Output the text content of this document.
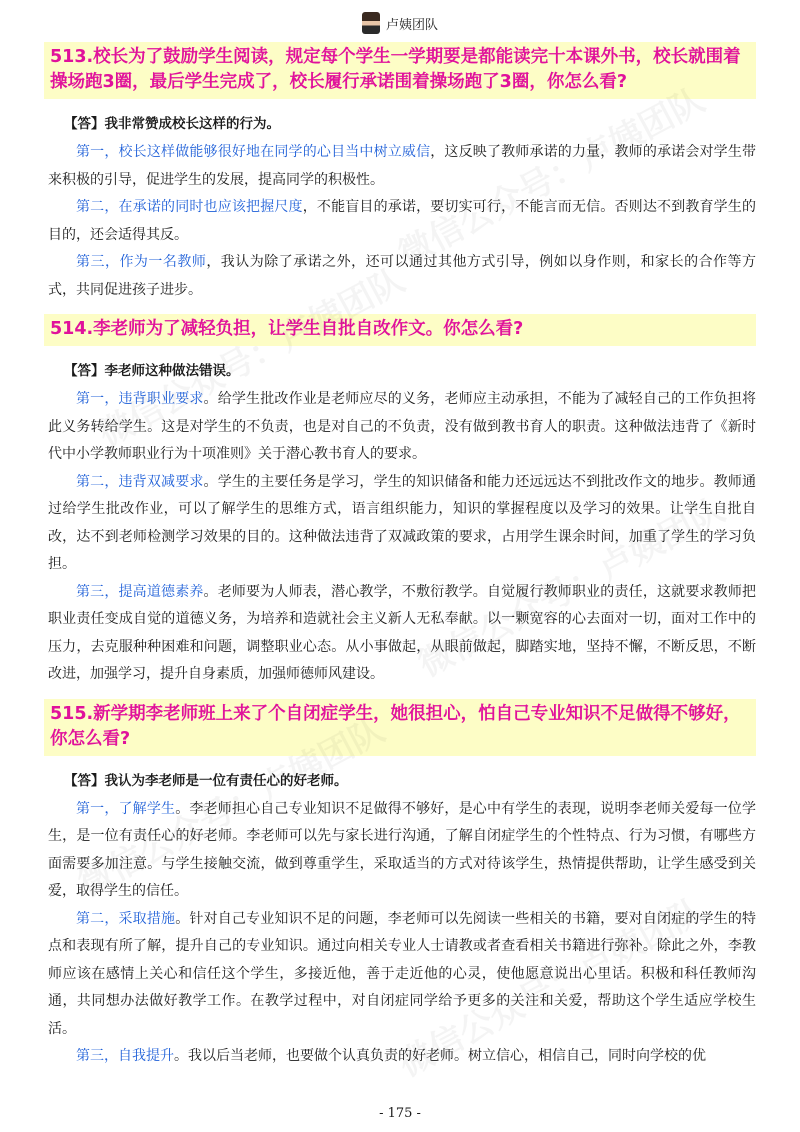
卢姨团队
513.校长为了鼓励学生阅读，规定每个学生一学期要是都能读完十本课外书，校长就围着操场跑3圈，最后学生完成了，校长履行承诺围着操场跑了3圈，你怎么看?
【答】我非常赞成校长这样的行为。

第一，校长这样做能够很好地在同学的心目当中树立威信，这反映了教师承诺的力量，教师的承诺会对学生带来积极的引导，促进学生的发展，提高同学的积极性。

第二，在承诺的同时也应该把握尺度，不能盲目的承诺，要切实可行，不能言而无信。否则达不到教育学生的目的，还会适得其反。

第三，作为一名教师，我认为除了承诺之外，还可以通过其他方式引导，例如以身作则，和家长的合作等方式，共同促进孩子进步。

514.李老师为了减轻负担，让学生自批自改作文。你怎么看?
【答】李老师这种做法错误。

第一，违背职业要求。给学生批改作业是老师应尽的义务，老师应主动承担，不能为了减轻自己的工作负担将此义务转给学生。这是对学生的不负责，也是对自己的不负责，没有做到教书育人的职责。这种做法违背了《新时代中小学教师职业行为十项准则》关于潜心教书育人的要求。

第二，违背双减要求。学生的主要任务是学习，学生的知识储备和能力还远远达不到批改作文的地步。教师通过给学生批改作业，可以了解学生的思维方式，语言组织能力，知识的掌握程度以及学习的效果。让学生自批自改，达不到老师检测学习效果的目的。这种做法违背了双减政策的要求，占用学生课余时间，加重了学生的学习负担。

第三，提高道德素养。老师要为人师表，潜心教学，不敷衍教学。自觉履行教师职业的责任，这就要求教师把职业责任变成自觉的道德义务，为培养和造就社会主义新人无私奉献。以一颗宽容的心去面对一切，面对工作中的压力，去克服种种困难和问题，调整职业心态。从小事做起，从眼前做起，脚踏实地，坚持不懈，不断反思，不断改进，加强学习，提升自身素质，加强师德师风建设。

515.新学期李老师班上来了个自闭症学生，她很担心，怕自己专业知识不足做得不够好，你怎么看?
【答】我认为李老师是一位有责任心的好老师。

第一，了解学生。李老师担心自己专业知识不足做得不够好，是心中有学生的表现，说明李老师关爱每一位学生，是一位有责任心的好老师。李老师可以先与家长进行沟通，了解自闭症学生的个性特点、行为习惯，有哪些方面需要多加注意。与学生接触交流，做到尊重学生，采取适当的方式对待该学生，热情提供帮助，让学生感受到关爱，取得学生的信任。

第二，采取措施。针对自己专业知识不足的问题，李老师可以先阅读一些相关的书籍，要对自闭症的学生的特点和表现有所了解，提升自己的专业知识。通过向相关专业人士请教或者查看相关书籍进行弥补。除此之外，李教师应该在感情上关心和信任这个学生，多接近他，善于走近他的心灵，使他愿意说出心里话。积极和科任教师沟通，共同想办法做好教学工作。在教学过程中，对自闭症同学给予更多的关注和关爱，帮助这个学生适应学校生活。

第三，自我提升。我以后当老师，也要做个认真负责的好老师。树立信心，相信自己，同时向学校的优

- 175 -
